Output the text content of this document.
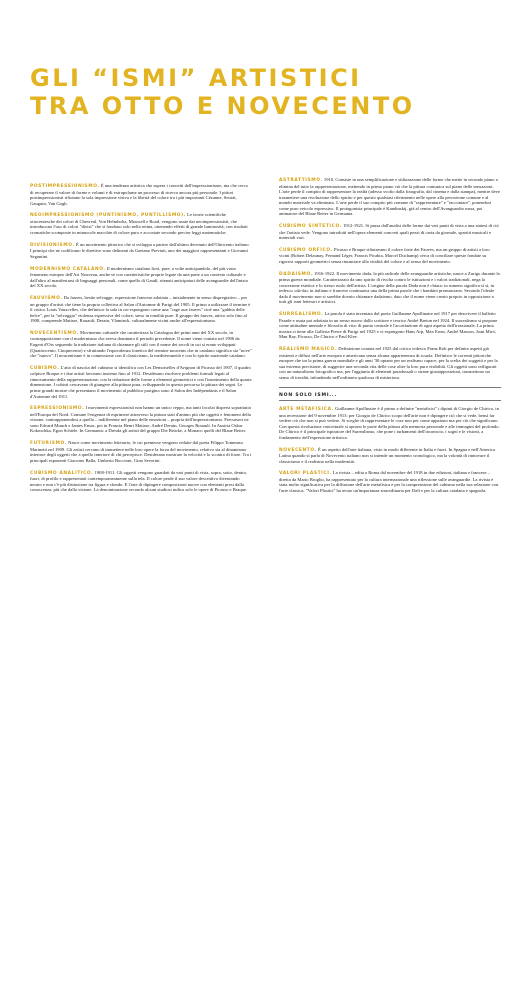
GLI “ISMI” ARTISTICI
TRA OTTO E NOVECENTO

POSTIMPRESSIONISMO. È una tendenza artistica che supera i concetti dell'impressionismo, ma che cerca di recuperare il valore di forme e volumi e di extrapolarne un processo di ricerca ancora più personale. I pittori postimpressionisti rifiutano la sola impressione visiva e la libertà del colore tra i più importanti Cézanne, Seurat, Gauguin, Van Gogh.

NEOIMPRESSIONISMO (PUNTINISMO, PUNTILLISMO). Le teorie scientifiche ottocentesche dei colori di Chevreul, Von Helmholtz, Maxwell e Rood, vengono usate dai neoimpressionisti, che introducono l'uso di colori "divisi" che si fondono solo nella retina, ottenendo effetti di grande luminosità, con risultati cromatiche scomposte in minuscole macchie di colore puro e accostate secondo precise leggi matematiche.

DIVISIONISMO. È un movimento pittorico che si sviluppa a partire dall'ultimo decennio dell'Ottocento italiano. I principi che ne codificano le direttive sono delineati da Gaetano Previati, uno dei maggiori rappresentanti e Giovanni Segantini.

MODERNISMO CATALANO. Il modernismo catalano fiorì, pare, a volte anticipandolo, del più vasto fenomeno europeo dell'Art Nouveau, anche se con caratteristiche proprie legate da una parte a un contesto culturale e dall'altro al manifestarsi di linguaggi personali, come quello di Gaudí, ritenuti anticipatori delle avanguardie dell'inizio del XX secolo.

FAUVISMO. Da fauves, bestie selvagge, espressione francese adottata – inizialmente in senso dispregiativo – per un gruppo d'artisti che tiene la propria collettiva al Salon d'Automne di Parigi del 1905. Il primo a utilizzare il termine è il critico Louis Vauxcelles, che definisce la sala in cui espongono come una "cage aux fauves" cioè una "gabbia delle belve", per la "selvaggia" violenza espressiva del colore, steso in tonalità pure. Il gruppo dei fauves, attivo solo fino al 1908, comprende Matisse, Rouault, Derain, Vlaminck, culturalmente vicini anche all'espressionismo.

NOVECENTISMO. Movimento culturale che caratterizza la Catalogna dei primi anni del XX secolo, in contrapposizione con il modernismo che aveva dominato il periodo precedente. Il nome viene coniato nel 1906 da Eugeni d'Ors seguendo la tradizione italiana di chiamare gli stili con il nome dei secoli in cui si erano sviluppati (Quattrocento, Cinquecento) e sfruttando l'equivalenza fonetica del termine noucents che in catalano significa sia "nove" che "nuovo". Il noucentisme è in connessione con il classicismo, la mediterraneità e con lo spirito nazionale catalano.

CUBISMO. L'atto di nascita del cubismo si identifica con Les Demoiselles d'Avignon di Picasso del 1907, il quadro colpisce Braque e i due artisti lavorano insieme fino al 1912. Desiderano risolvere problemi formali legati al rinnovamento della rappresentazione, con la riduzione delle forme a elementi geometrici e con l'inserimento della quarta dimensione. I cubisti cercavano di giungere alla pittura pura, sviluppando in questo percorso la pittura dei segni. Le prime grandi mostre che presentano il movimento al pubblico parigino sono il Salon des Indépendants e il Salon d'Automne del 1911.

ESPRESSIONISMO. I movimenti espressionisti non hanno un unico ceppo, ma tanti focolai dispersi soprattutto nell'Europa del Nord. Comune l'esigenza di esprimere attraverso la pittura stati d'animo più che oggetti e fenomeni della visione, contrapponendosi a quella – indifferente nel piano delle emozioni – propria dell'impressionismo. Precursori ne sono Edvard Munch e James Ensor, poi in Francia Henri Matisse, André Derain, Georges Rouault. In Austria Oskar Kokoschka, Egon Schiele. In Germania: a Dresda gli artisti del gruppo Die Brücke, a Monaco quelli del Blaue Reiter.

FUTURISMO. Nasce come movimento letterario, le cui premesse vengono redatte dal poeta Filippo Tommaso Marinetti nel 1909. Gli artisti cercano di immettere nelle loro opere la forza del movimento, relativo sia al dinamismo interiore degli oggetti che a quello interiore di chi percepisce. Desiderano mostrare la velocità e lo scontro di forze. Tra i principali esponenti Giacomo Balla, Umberto Boccioni, Gino Severini.

CUBISMO ANALITICO. 1908-1911. Gli oggetti vengono guardati da vari punti di vista, sopra, sotto, dentro, fuori, di profilo e rappresentati contemporaneamente sulla tela. Il colore perde il suo valore descrittivo diventando neutro e non c'è più distinzione tra figura e sfondo. E l'arte di dipingere composizioni nuove con elementi presi dalla conoscenza, più che dalla visione. La denominazione secondo alcuni studiosi indica solo le opere di Picasso e Braque.

ASTRATTISMO. 1910. Consiste in una semplificazione e stilizzazione delle forme che mette in secondo piano o elimina del tutto la rappresentazione, mettendo in primo piano ciò che la pittura comunica sul piano delle sensazioni. L'arte perde il compito di rappresentare la realtà (adesso svolto dalla fotografia, dal cinema e dalla stampa), mentre deve trasmettere una rivoluzione dello spirito e per questo qualsiasi riferimento nelle opere alla percezione comune e al mondo materiale va eliminato. L'arte perde il suo compito più comune di "rappresentare" e "raccontare", ponendosi come puro veicolo espressivo. Il protagonista principale è Kandinskij, già al centro dell'Avanguardia russa, poi animatore del Blaue Reiter in Germania.

CUBISMO SINTETICO. 1912-1921. Si passa dall'analisi delle forme dai vari punti di vista a una sintesi di ciò che l'artista vede. Vengono introdotti nell'opera elementi concreti quali pezzi di carta da giornale, spartiti musicali e materiali vari.

CUBISMO ORFICO. Picasso e Braque rifiutavano il colore forte dei Fauves, ma un gruppo di artisti a loro vicini (Robert Delaunay, Fernand Léger, Francis Picabia, Marcel Duchamp) cerca di conciliare queste fondate su rigorosi rapporti geometrici senza rinunciare alla vitalità del colore e al senso del movimento.

DADAISMO. 1916-1922. Il movimento dada, la più radicale delle avanguardie artistiche, nasce a Zurigo durante la prima guerra mondiale. Caratterizzato da uno spirito di rivolta contro le istituzioni e i valori tradizionali, nega la concezione estetica e lo stesso ruolo dell'artista. L'origine della parola Dada non è chiara: in rumeno significa sì sì, in tedesco «da-da» in italiano e francese continuava una della prima parole che i bambini pronunciano. Secondo l'ideale dada il movimento non si sarebbe dovuto chiamare dadaismo, dato che il nome viene creato proprio in opposizione a tutti gli ismi letterari e artistici.

SURREALISMO. La parola è stata inventata dal poeta Guillaume Apollinaire nel 1917 per descrivere il balletto Parade e usata poi adottata in un senso nuovo dallo scrittore e teorico André Breton nel 1924. Il surrealismo si propone come attitudine mentale e filosofia di vita: di punto centrale è l'accettazione di ogni aspetto dell'irrazionale. La prima mostra si tiene alla Galleria Pierre di Parigi nel 1925 e vi espongono Hans Arp, Max Ernst, André Masson, Joan Miró, Man Ray, Picasso, De Chirico e Paul Klee.

REALISMO MAGICO. Definizione coniata nel 1925 dal critico tedesco Franz Roh per definire aspetti già esistenti e diffusi nell'arte europea e americana senza alcuna appartenenza di scuola. Definisce le correnti pittoriche europee che tra la prima guerra mondiale e gli anni '30 optano per un realismo capace, per la scelta dei soggetti e per la sua estrema precisione, di suggerire una seconda vita delle cose oltre la loro pura visibilità. Gli oggetti sono raffigurati con un naturalismo fotografico ma, per l'aggiunta di elementi paradossali o strane giustapposizioni, trasmettono un senso di irrealtà, infondendo nell'ordinario qualcosa di misterioso.

NON SOLO ISMI...

ARTE METAFISICA. Guillaume Apollinaire è il primo a definire "metafisici" i dipinti di Giorgio de Chirico, in una recensione del 9 novembre 1913: per Giorgio de Chirico scopo dell'arte non è dipingere ciò che si vede, bensì far vedere ciò che non si può vedere. Si sceglie di rappresentare le cose non per come appaiono ma per ciò che significano. Con questa rivoluzione concettuale si aprono le porte della pittura alla memoria personale e alle immagini del profondo. De Chirico è il principale ispiratore del Surrealismo, che pone i turbamenti dell'inconscio, i sogni e le visioni, a fondamento dell'espressione artistica.

NOVECENTO. È un aspetto dell'arte italiana, visto in modo differente in Italia e fuori. In Spagna e nell'America Latina quando si parla di Novecento italiano non si intende un momento cronologico, ma la volontà di rinnovare il classicismo e il realismo nella modernità.

VALORI PLASTICI. La rivista – edita a Roma dal novembre del 1918 in due edizioni, italiana e francese – diretta da Mario Broglio, ha rappresentato per la cultura internazionale una riflessione sulle avanguardie. La rivista è stata molto significativa per la diffusione dell'arte metafisica e per la comprensione del cubismo nella sua relazione con l'arte classica. "Valori Plastici" ha avuto un'importanza straordinaria per Dalí e per la cultura catalana e spagnola.
